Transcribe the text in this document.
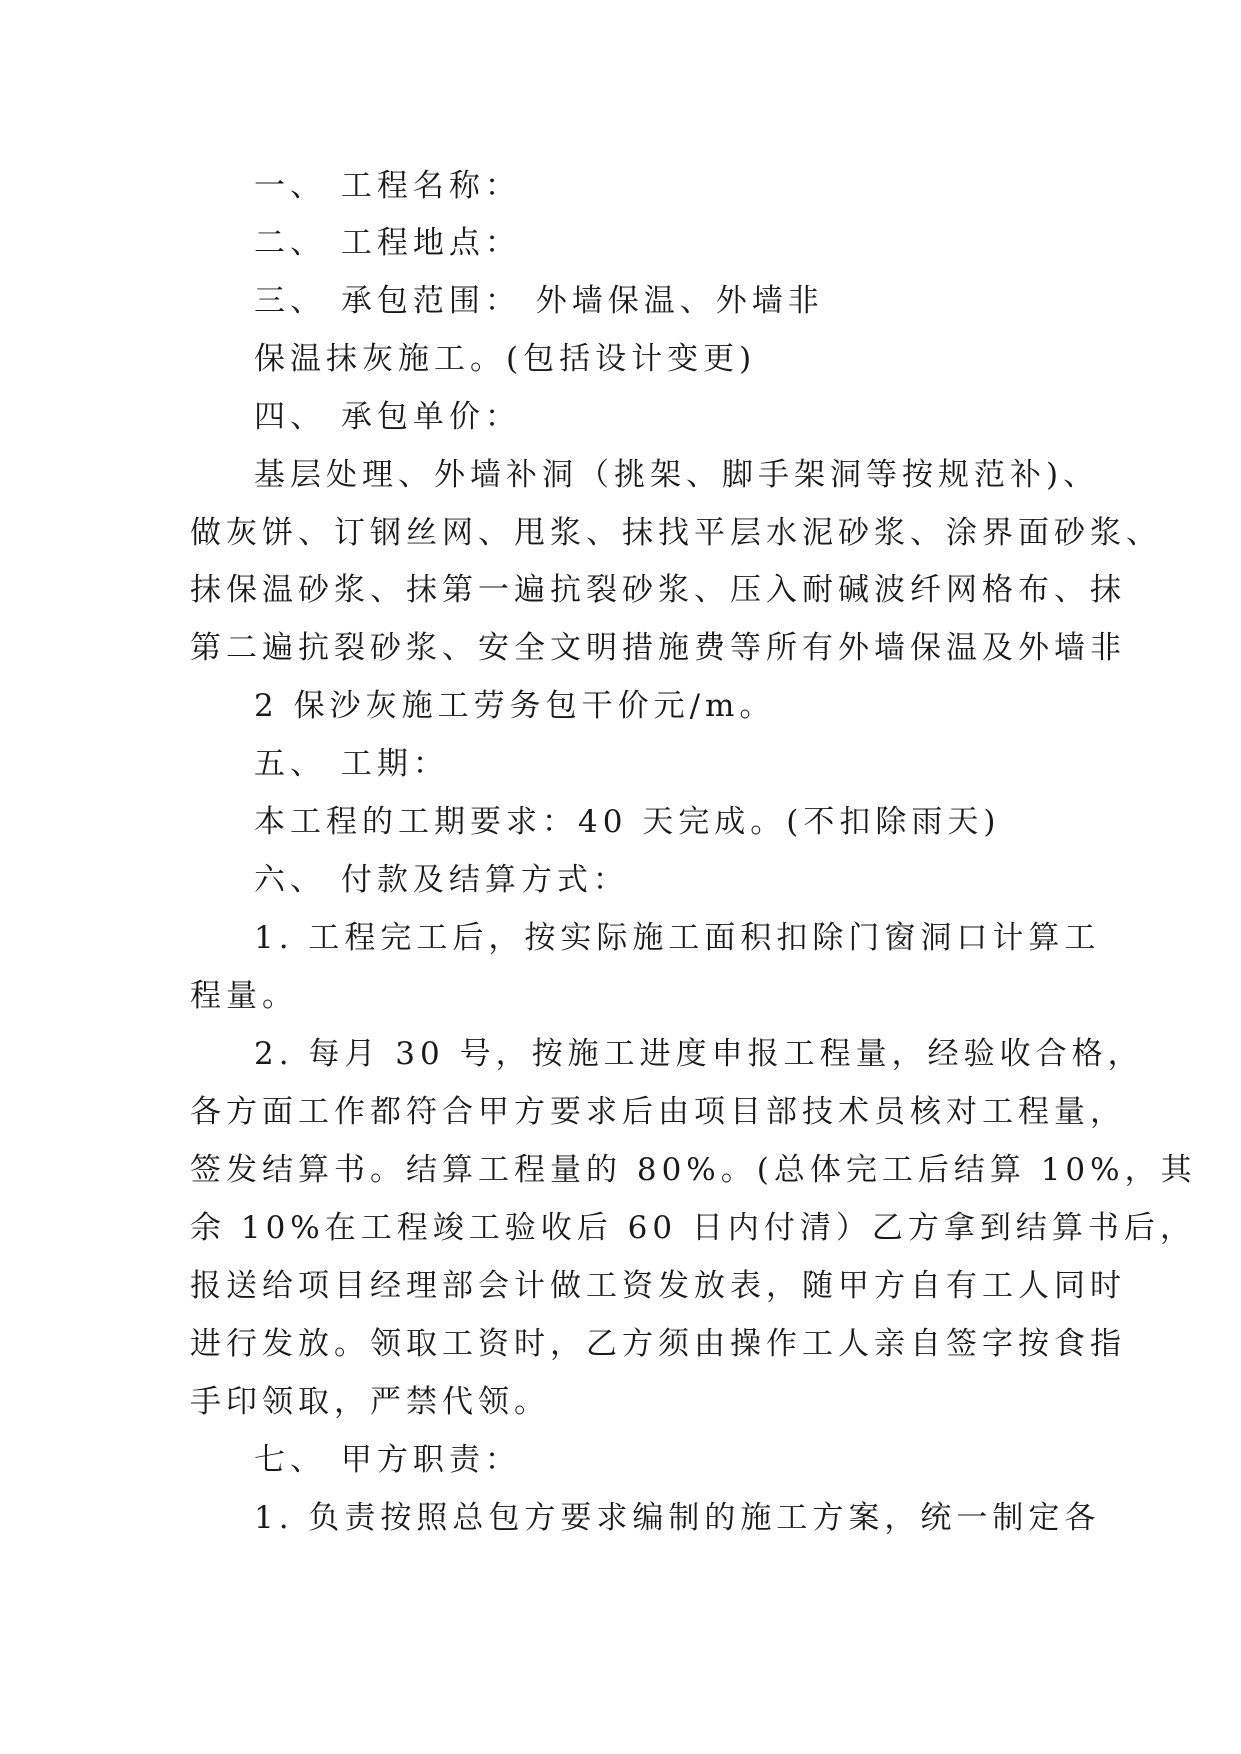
一、 工程名称：
二、 工程地点：
三、 承包范围： 外墙保温、外墙非
保温抹灰施工。(包括设计变更)
四、 承包单价：
基层处理、外墙补洞（挑架、脚手架洞等按规范补)、
做灰饼、订钢丝网、甩浆、抹找平层水泥砂浆、涂界面砂浆、
抹保温砂浆、抹第一遍抗裂砂浆、压入耐碱波纤网格布、抹
第二遍抗裂砂浆、安全文明措施费等所有外墙保温及外墙非
2 保沙灰施工劳务包干价元/m。
五、 工期：
本工程的工期要求：40 天完成。(不扣除雨天)
六、 付款及结算方式：
1. 工程完工后，按实际施工面积扣除门窗洞口计算工
程量。
2. 每月 30 号，按施工进度申报工程量，经验收合格，
各方面工作都符合甲方要求后由项目部技术员核对工程量，
签发结算书。结算工程量的 80%。(总体完工后结算 10%，其
余 10%在工程竣工验收后 60 日内付清）乙方拿到结算书后，
报送给项目经理部会计做工资发放表，随甲方自有工人同时
进行发放。领取工资时，乙方须由操作工人亲自签字按食指
手印领取，严禁代领。
七、 甲方职责：
1. 负责按照总包方要求编制的施工方案，统一制定各
